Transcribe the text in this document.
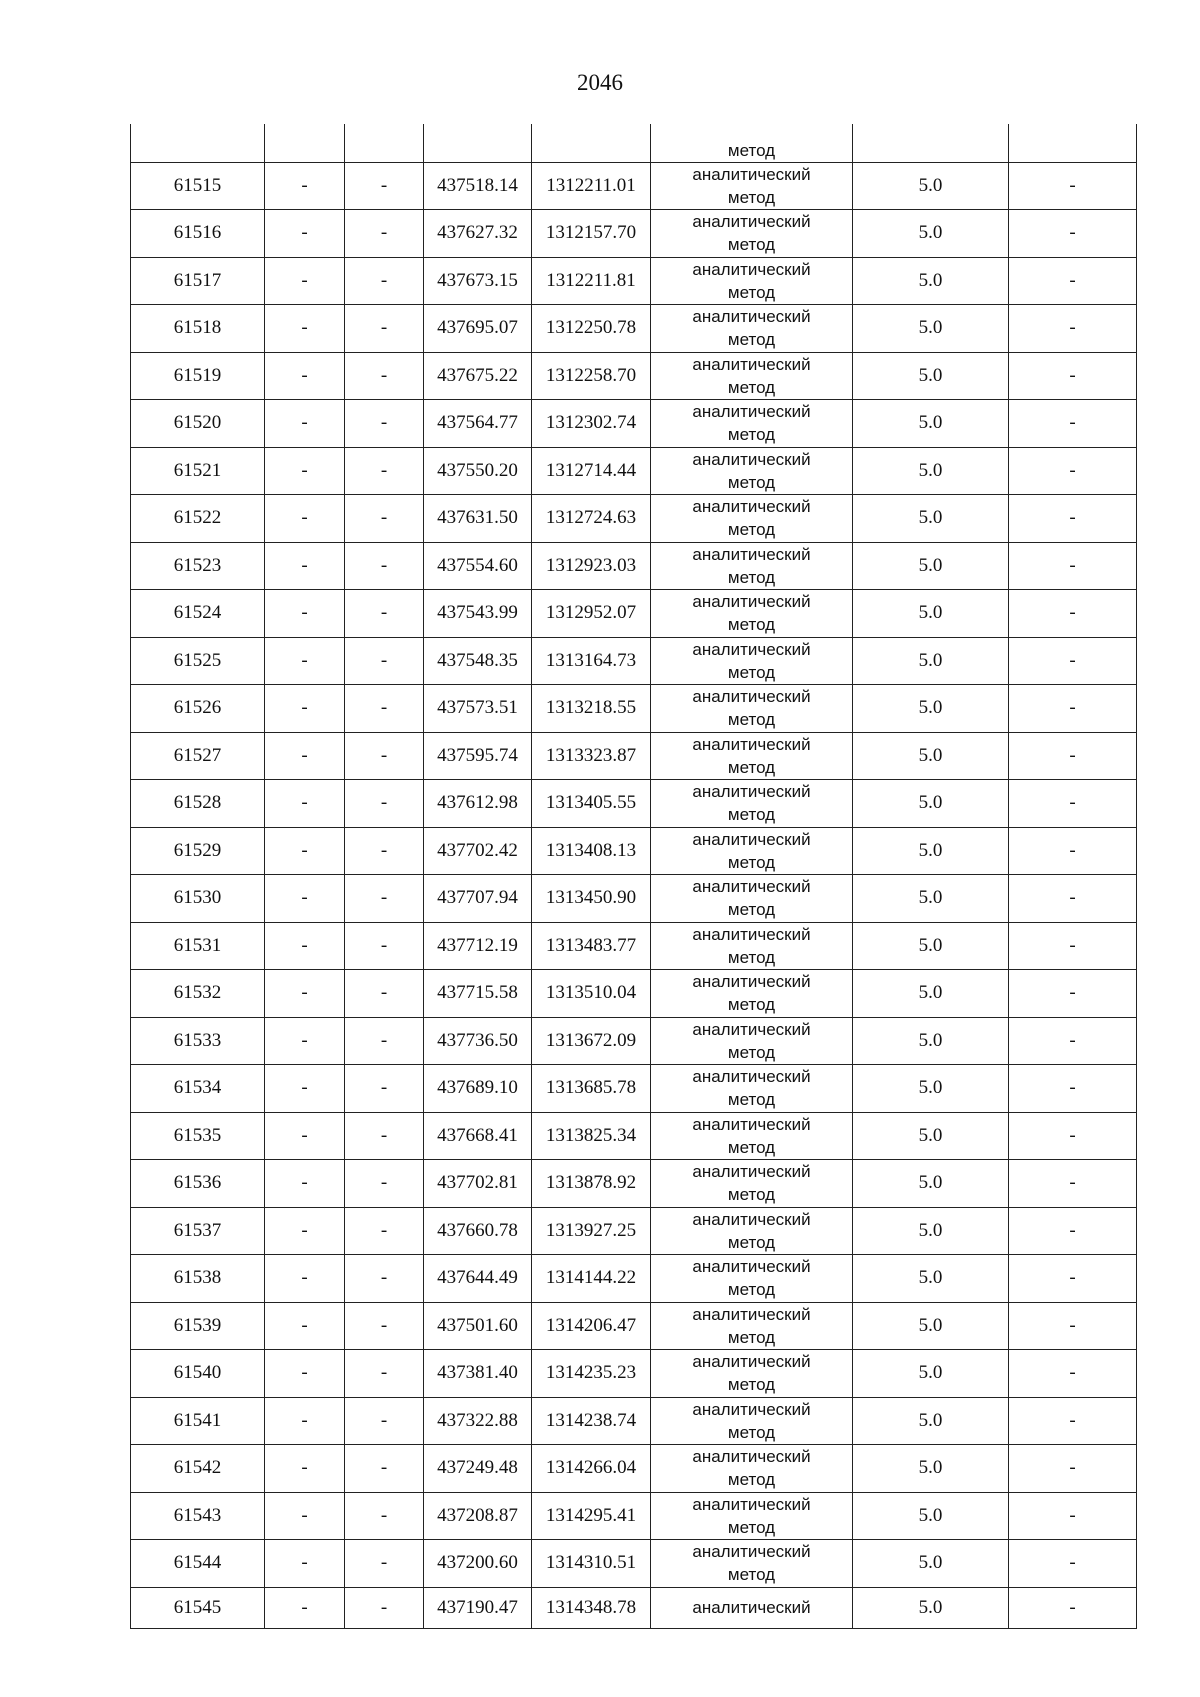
2046
					метод		
61515	-	-	437518.14	1312211.01	аналитический
метод	5.0	-
61516	-	-	437627.32	1312157.70	аналитический
метод	5.0	-
61517	-	-	437673.15	1312211.81	аналитический
метод	5.0	-
61518	-	-	437695.07	1312250.78	аналитический
метод	5.0	-
61519	-	-	437675.22	1312258.70	аналитический
метод	5.0	-
61520	-	-	437564.77	1312302.74	аналитический
метод	5.0	-
61521	-	-	437550.20	1312714.44	аналитический
метод	5.0	-
61522	-	-	437631.50	1312724.63	аналитический
метод	5.0	-
61523	-	-	437554.60	1312923.03	аналитический
метод	5.0	-
61524	-	-	437543.99	1312952.07	аналитический
метод	5.0	-
61525	-	-	437548.35	1313164.73	аналитический
метод	5.0	-
61526	-	-	437573.51	1313218.55	аналитический
метод	5.0	-
61527	-	-	437595.74	1313323.87	аналитический
метод	5.0	-
61528	-	-	437612.98	1313405.55	аналитический
метод	5.0	-
61529	-	-	437702.42	1313408.13	аналитический
метод	5.0	-
61530	-	-	437707.94	1313450.90	аналитический
метод	5.0	-
61531	-	-	437712.19	1313483.77	аналитический
метод	5.0	-
61532	-	-	437715.58	1313510.04	аналитический
метод	5.0	-
61533	-	-	437736.50	1313672.09	аналитический
метод	5.0	-
61534	-	-	437689.10	1313685.78	аналитический
метод	5.0	-
61535	-	-	437668.41	1313825.34	аналитический
метод	5.0	-
61536	-	-	437702.81	1313878.92	аналитический
метод	5.0	-
61537	-	-	437660.78	1313927.25	аналитический
метод	5.0	-
61538	-	-	437644.49	1314144.22	аналитический
метод	5.0	-
61539	-	-	437501.60	1314206.47	аналитический
метод	5.0	-
61540	-	-	437381.40	1314235.23	аналитический
метод	5.0	-
61541	-	-	437322.88	1314238.74	аналитический
метод	5.0	-
61542	-	-	437249.48	1314266.04	аналитический
метод	5.0	-
61543	-	-	437208.87	1314295.41	аналитический
метод	5.0	-
61544	-	-	437200.60	1314310.51	аналитический
метод	5.0	-
61545	-	-	437190.47	1314348.78	аналитический	5.0	-
